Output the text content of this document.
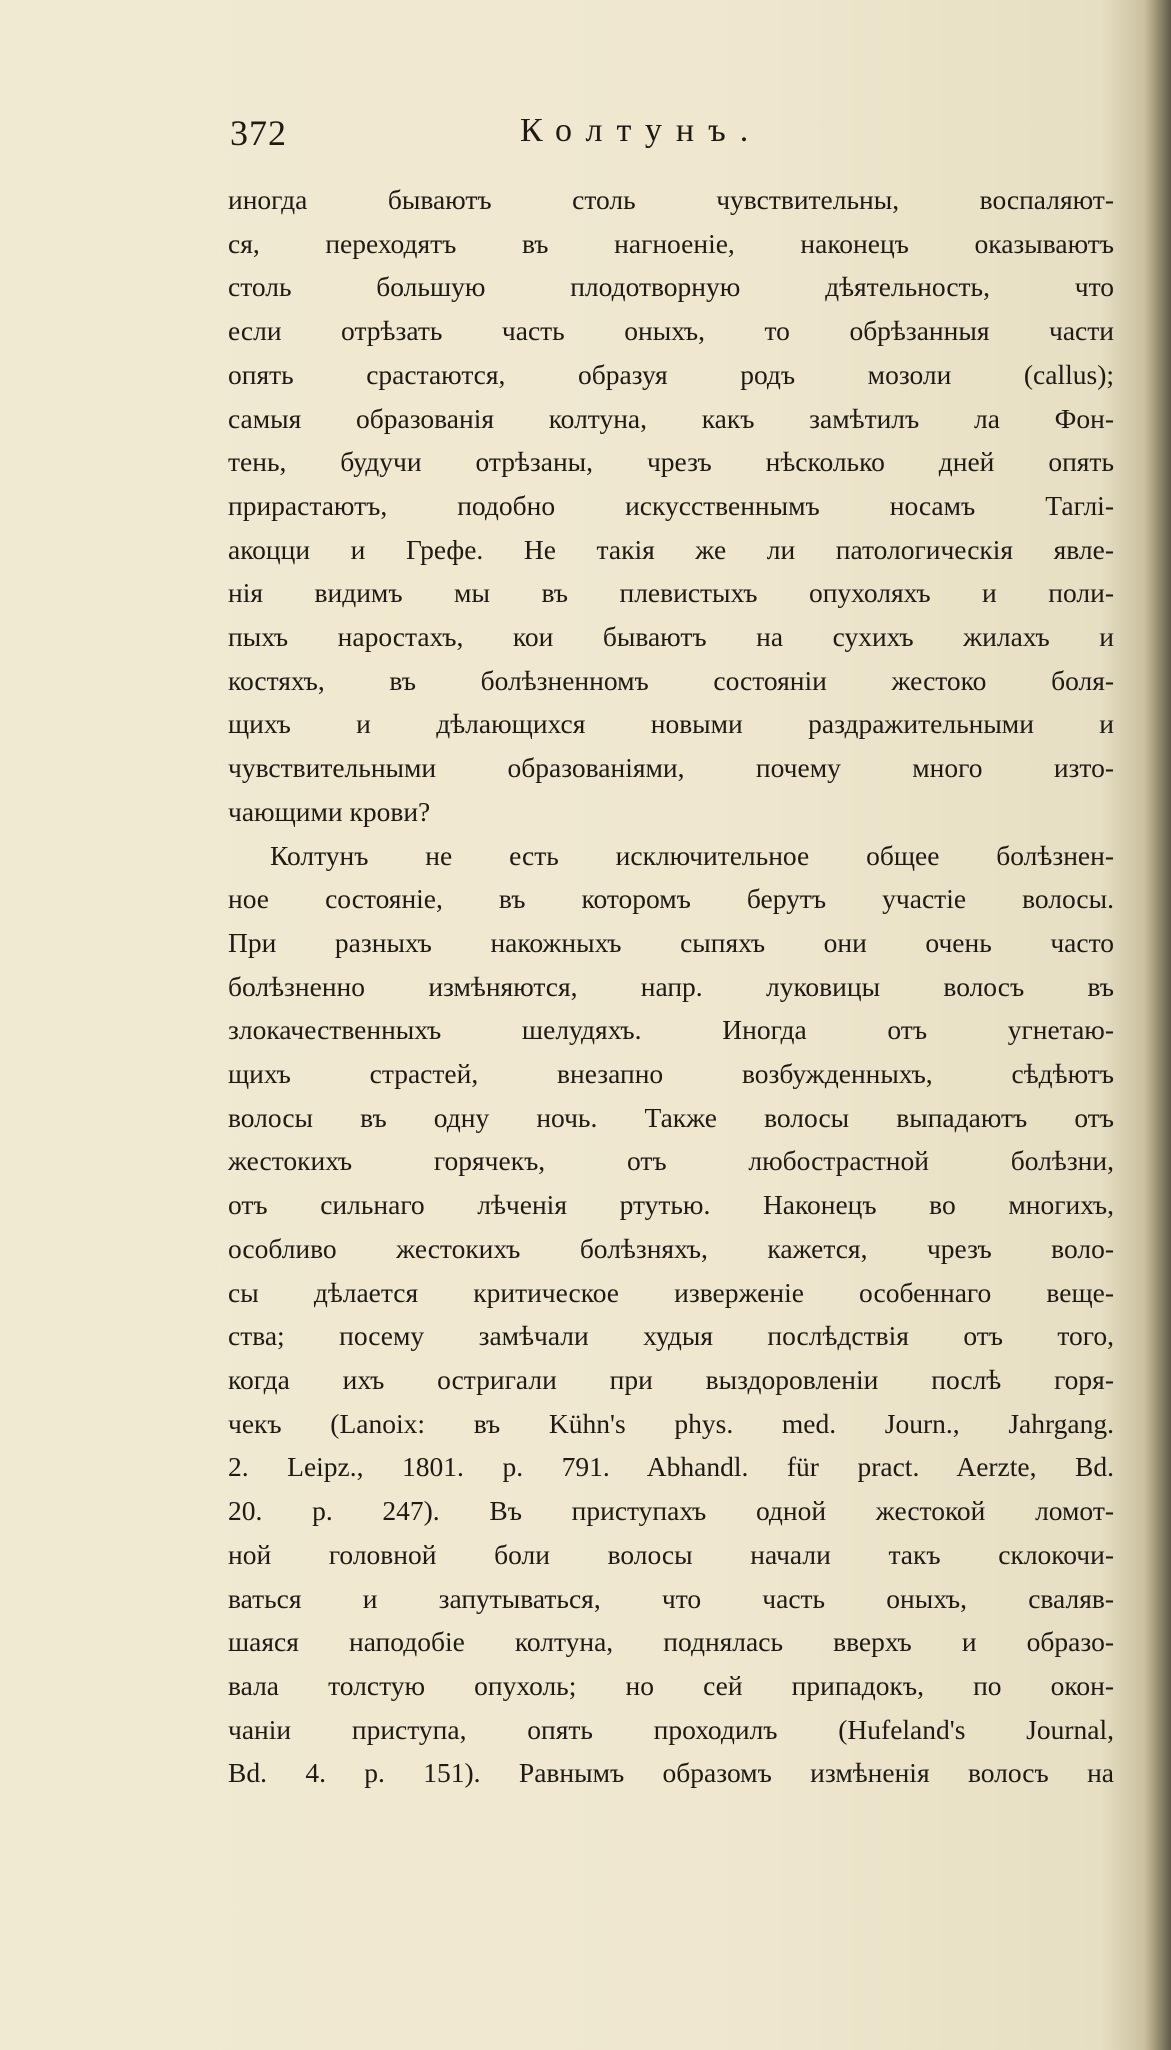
372	Колтунъ.
иногда бываютъ столь чувствительны, воспаляют-
ся, переходятъ въ нагноеніе, наконецъ оказываютъ
столь большую плодотворную дѣятельность, что
если отрѣзать часть оныхъ, то обрѣзанныя части
опять срастаются, образуя родъ мозоли (callus);
самыя образованія колтуна, какъ замѣтилъ ла Фон-
тень, будучи отрѣзаны, чрезъ нѣсколько дней опять
прирастаютъ, подобно искусственнымъ носамъ Таглі-
акоцци и Грефе. Не такія же ли патологическія явле-
нія видимъ мы въ плевистыхъ опухоляхъ и поли-
пыхъ наростахъ, кои бываютъ на сухихъ жилахъ и
костяхъ, въ болѣзненномъ состояніи жестоко боля-
щихъ и дѣлающихся новыми раздражительными и
чувствительными образованіями, почему много изто-
чающими крови?
Колтунъ не есть исключительное общее болѣзнен-
ное состояніе, въ которомъ берутъ участіе волосы.
При разныхъ накожныхъ сыпяхъ они очень часто
болѣзненно измѣняются, напр. луковицы волосъ въ
злокачественныхъ шелудяхъ. Иногда отъ угнетаю-
щихъ страстей, внезапно возбужденныхъ, сѣдѣютъ
волосы въ одну ночь. Также волосы выпадаютъ отъ
жестокихъ горячекъ, отъ любострастной болѣзни,
отъ сильнаго лѣченія ртутью. Наконецъ во многихъ,
особливо жестокихъ болѣзняхъ, кажется, чрезъ воло-
сы дѣлается критическое изверженіе особеннаго веще-
ства; посему замѣчали худыя послѣдствія отъ того,
когда ихъ остригали при выздоровленіи послѣ горя-
чекъ (Lanoix: въ Kühn's phys. med. Journ., Jahrgang.
2. Leipz., 1801. p. 791. Abhandl. für pract. Aerzte, Bd.
20. p. 247). Въ приступахъ одной жестокой ломот-
ной головной боли волосы начали такъ склокочи-
ваться и запутываться, что часть оныхъ, сваляв-
шаяся наподобіе колтуна, поднялась вверхъ и образо-
вала толстую опухоль; но сей припадокъ, по окон-
чаніи приступа, опять проходилъ (Hufeland's Journal,
Bd. 4. p. 151). Равнымъ образомъ измѣненія волосъ на
